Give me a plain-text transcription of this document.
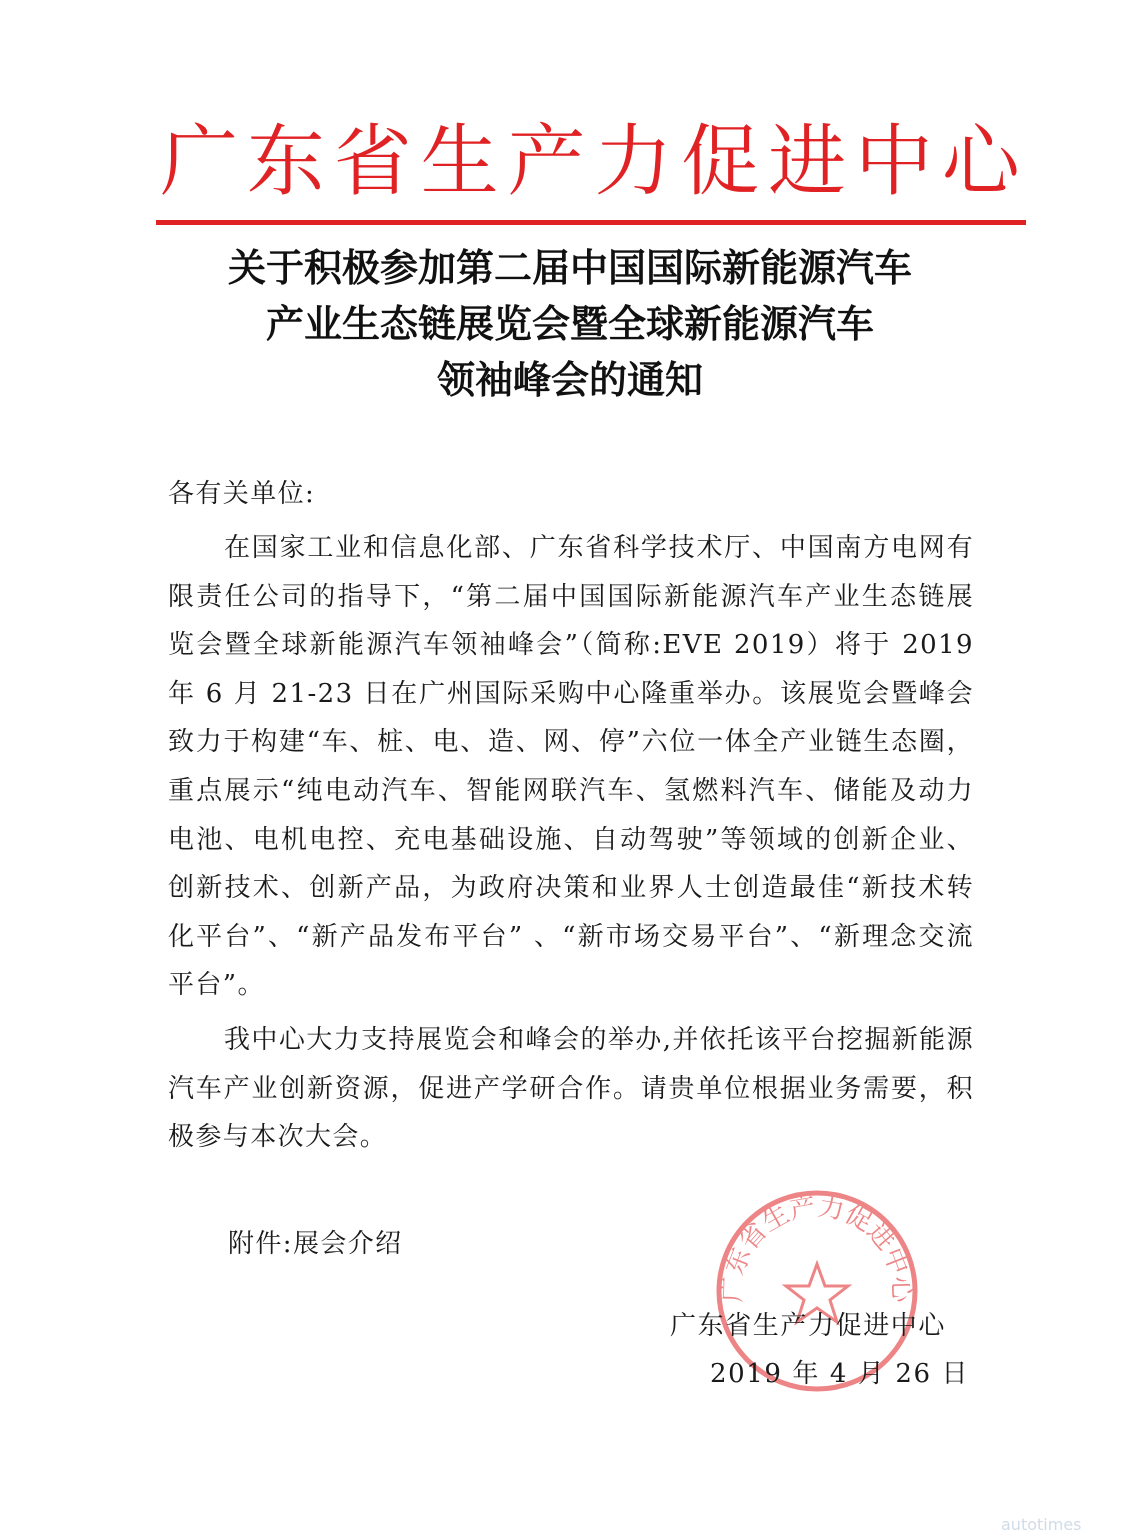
广 东 省 生 产 力 促 进 中 心
关于积极参加第二届中国国际新能源汽车
产业生态链展览会暨全球新能源汽车
领袖峰会的通知
各有关单位:
在国家工业和信息化部、广东省科学技术厅、中国南方电网有限责任公司的指导下，“第二届中国国际新能源汽车产业生态链展览会暨全球新能源汽车领袖峰会”（简称:EVE 2019）将于 2019 年 6 月 21-23 日在广州国际采购中心隆重举办。该展览会暨峰会致力于构建“车、桩、电、造、网、停”六位一体全产业链生态圈，重点展示“纯电动汽车、智能网联汽车、氢燃料汽车、储能及动力电池、电机电控、充电基础设施、自动驾驶”等领域的创新企业、创新技术、创新产品，为政府决策和业界人士创造最佳“新技术转化平台”、“新产品发布平台” 、“新市场交易平台”、“新理念交流平台”。
我中心大力支持展览会和峰会的举办,并依托该平台挖掘新能源汽车产业创新资源，促进产学研合作。请贵单位根据业务需要，积极参与本次大会。
附件:展会介绍
广东省生产力促进中心
广东省生产力促进中心
2019 年 4 月 26 日
autotimes
